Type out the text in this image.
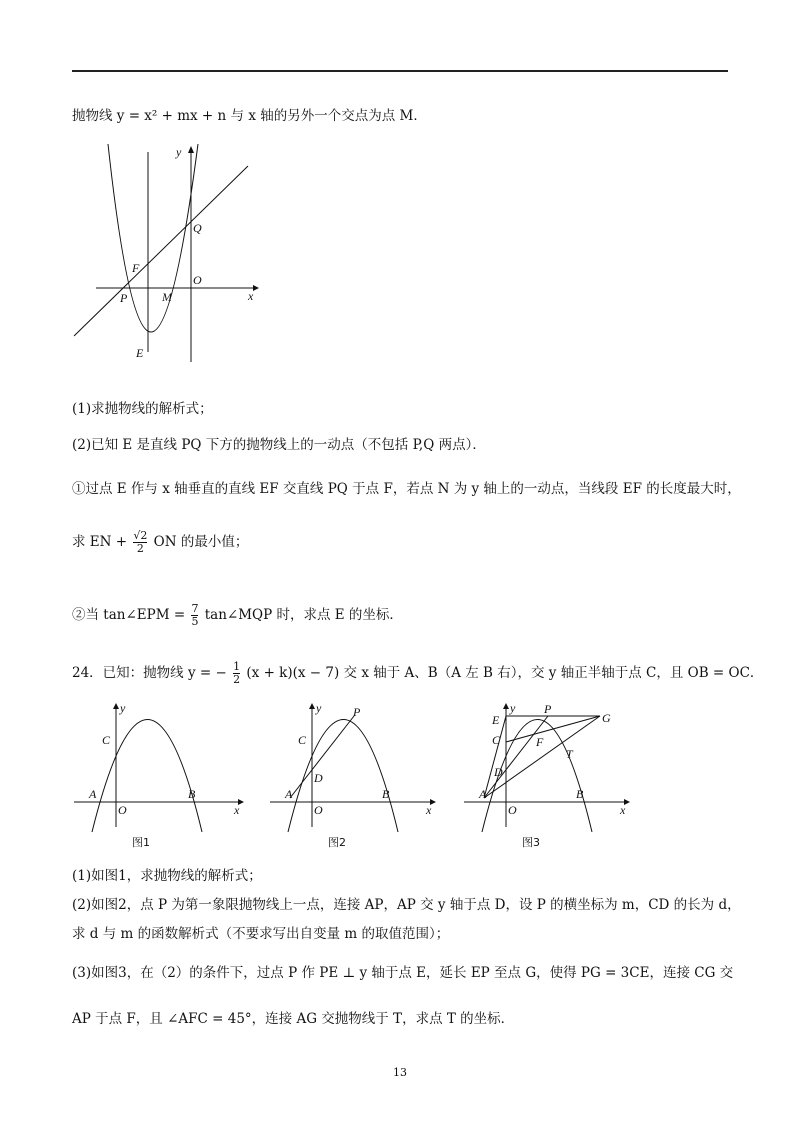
抛物线 y = x² + mx + n 与 x 轴的另外一个交点为点 M．
y
x
Q
F
O
P	M
E
(1)求抛物线的解析式；
(2)已知 E 是直线 PQ 下方的抛物线上的一动点（不包括 P,Q 两点）．
①过点 E 作与 x 轴垂直的直线 EF 交直线 PQ 于点 F，若点 N 为 y 轴上的一动点，当线段 EF 的长度最大时，
求 EN + $\frac{√2}{2}$ ON 的最小值；
②当 tan∠EPM = $\frac{7}{5}$ tan∠MQP 时，求点 E 的坐标．
24．已知：抛物线 y = − $\frac{1}{2} (x + k)(x - 7)$ 交 x 轴于 A、B（A 左 B 右），交 y 轴正半轴于点 C，且 OB = OC．
y
C
A
O
B
x
图1
y	P
C
D
A
O
B
x
图2
y
E
P
G
C	F
T
D
A
O
B
x
图3
(1)如图1，求抛物线的解析式；
(2)如图2，点 P 为第一象限抛物线上一点，连接 AP，AP 交 y 轴于点 D，设 P 的横坐标为 m，CD 的长为 d，
求 d 与 m 的函数解析式（不要求写出自变量 m 的取值范围）；
(3)如图3，在（2）的条件下，过点 P 作 PE ⊥ y 轴于点 E，延长 EP 至点 G，使得 PG = 3CE，连接 CG 交
AP 于点 F，且 ∠AFC = 45°，连接 AG 交抛物线于 T，求点 T 的坐标．
13
